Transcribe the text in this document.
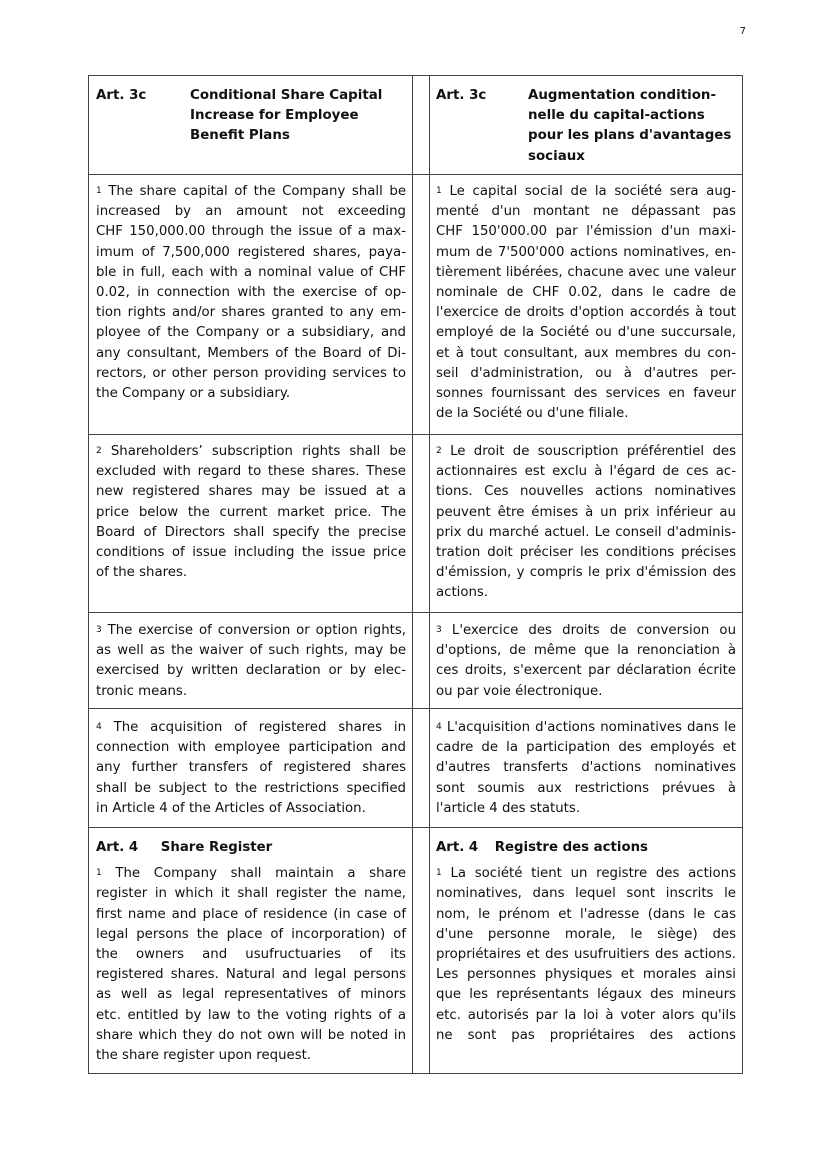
7
Art. 3c	Conditional Share Capital
Increase for Employee
Benefit Plans
Art. 3c	Augmentation condition-
nelle du capital-actions
pour les plans d'avantages
sociaux
$^1$ The share capital of the Company shall be
increased by an amount not exceeding
CHF 150,000.00 through the issue of a max-
imum of 7,500,000 registered shares, paya-
ble in full, each with a nominal value of CHF
0.02, in connection with the exercise of op-
tion rights and/or shares granted to any em-
ployee of the Company or a subsidiary, and
any consultant, Members of the Board of Di-
rectors, or other person providing services to
the Company or a subsidiary.
$^1$ Le capital social de la société sera aug-
menté d'un montant ne dépassant pas
CHF 150'000.00 par l'émission d'un maxi-
mum de 7'500'000 actions nominatives, en-
tièrement libérées, chacune avec une valeur
nominale de CHF 0.02, dans le cadre de
l'exercice de droits d'option accordés à tout
employé de la Société ou d'une succursale,
et à tout consultant, aux membres du con-
seil d'administration, ou à d'autres per-
sonnes fournissant des services en faveur
de la Société ou d'une filiale.
$^2$ Shareholders’ subscription rights shall be
excluded with regard to these shares. These
new registered shares may be issued at a
price below the current market price. The
Board of Directors shall specify the precise
conditions of issue including the issue price
of the shares.
$^2$ Le droit de souscription préférentiel des
actionnaires est exclu à l'égard de ces ac-
tions. Ces nouvelles actions nominatives
peuvent être émises à un prix inférieur au
prix du marché actuel. Le conseil d'adminis-
tration doit préciser les conditions précises
d'émission, y compris le prix d'émission des
actions.
$^3$ The exercise of conversion or option rights,
as well as the waiver of such rights, may be
exercised by written declaration or by elec-
tronic means.
$^3$ L'exercice des droits de conversion ou
d'options, de même que la renonciation à
ces droits, s'exercent par déclaration écrite
ou par voie électronique.
$^4$ The acquisition of registered shares in
connection with employee participation and
any further transfers of registered shares
shall be subject to the restrictions specified
in Article 4 of the Articles of Association.
$^4$ L'acquisition d'actions nominatives dans le
cadre de la participation des employés et
d'autres transferts d'actions nominatives
sont soumis aux restrictions prévues à
l'article 4 des statuts.
Art. 4 Share Register
$^1$ The Company shall maintain a share
register in which it shall register the name,
first name and place of residence (in case of
legal persons the place of incorporation) of
the owners and usufructuaries of its
registered shares. Natural and legal persons
as well as legal representatives of minors
etc. entitled by law to the voting rights of a
share which they do not own will be noted in
the share register upon request.
Art. 4 Registre des actions
$^1$ La société tient un registre des actions
nominatives, dans lequel sont inscrits le
nom, le prénom et l'adresse (dans le cas
d'une personne morale, le siège) des
propriétaires et des usufruitiers des actions.
Les personnes physiques et morales ainsi
que les représentants légaux des mineurs
etc. autorisés par la loi à voter alors qu'ils
ne sont pas propriétaires des actions
